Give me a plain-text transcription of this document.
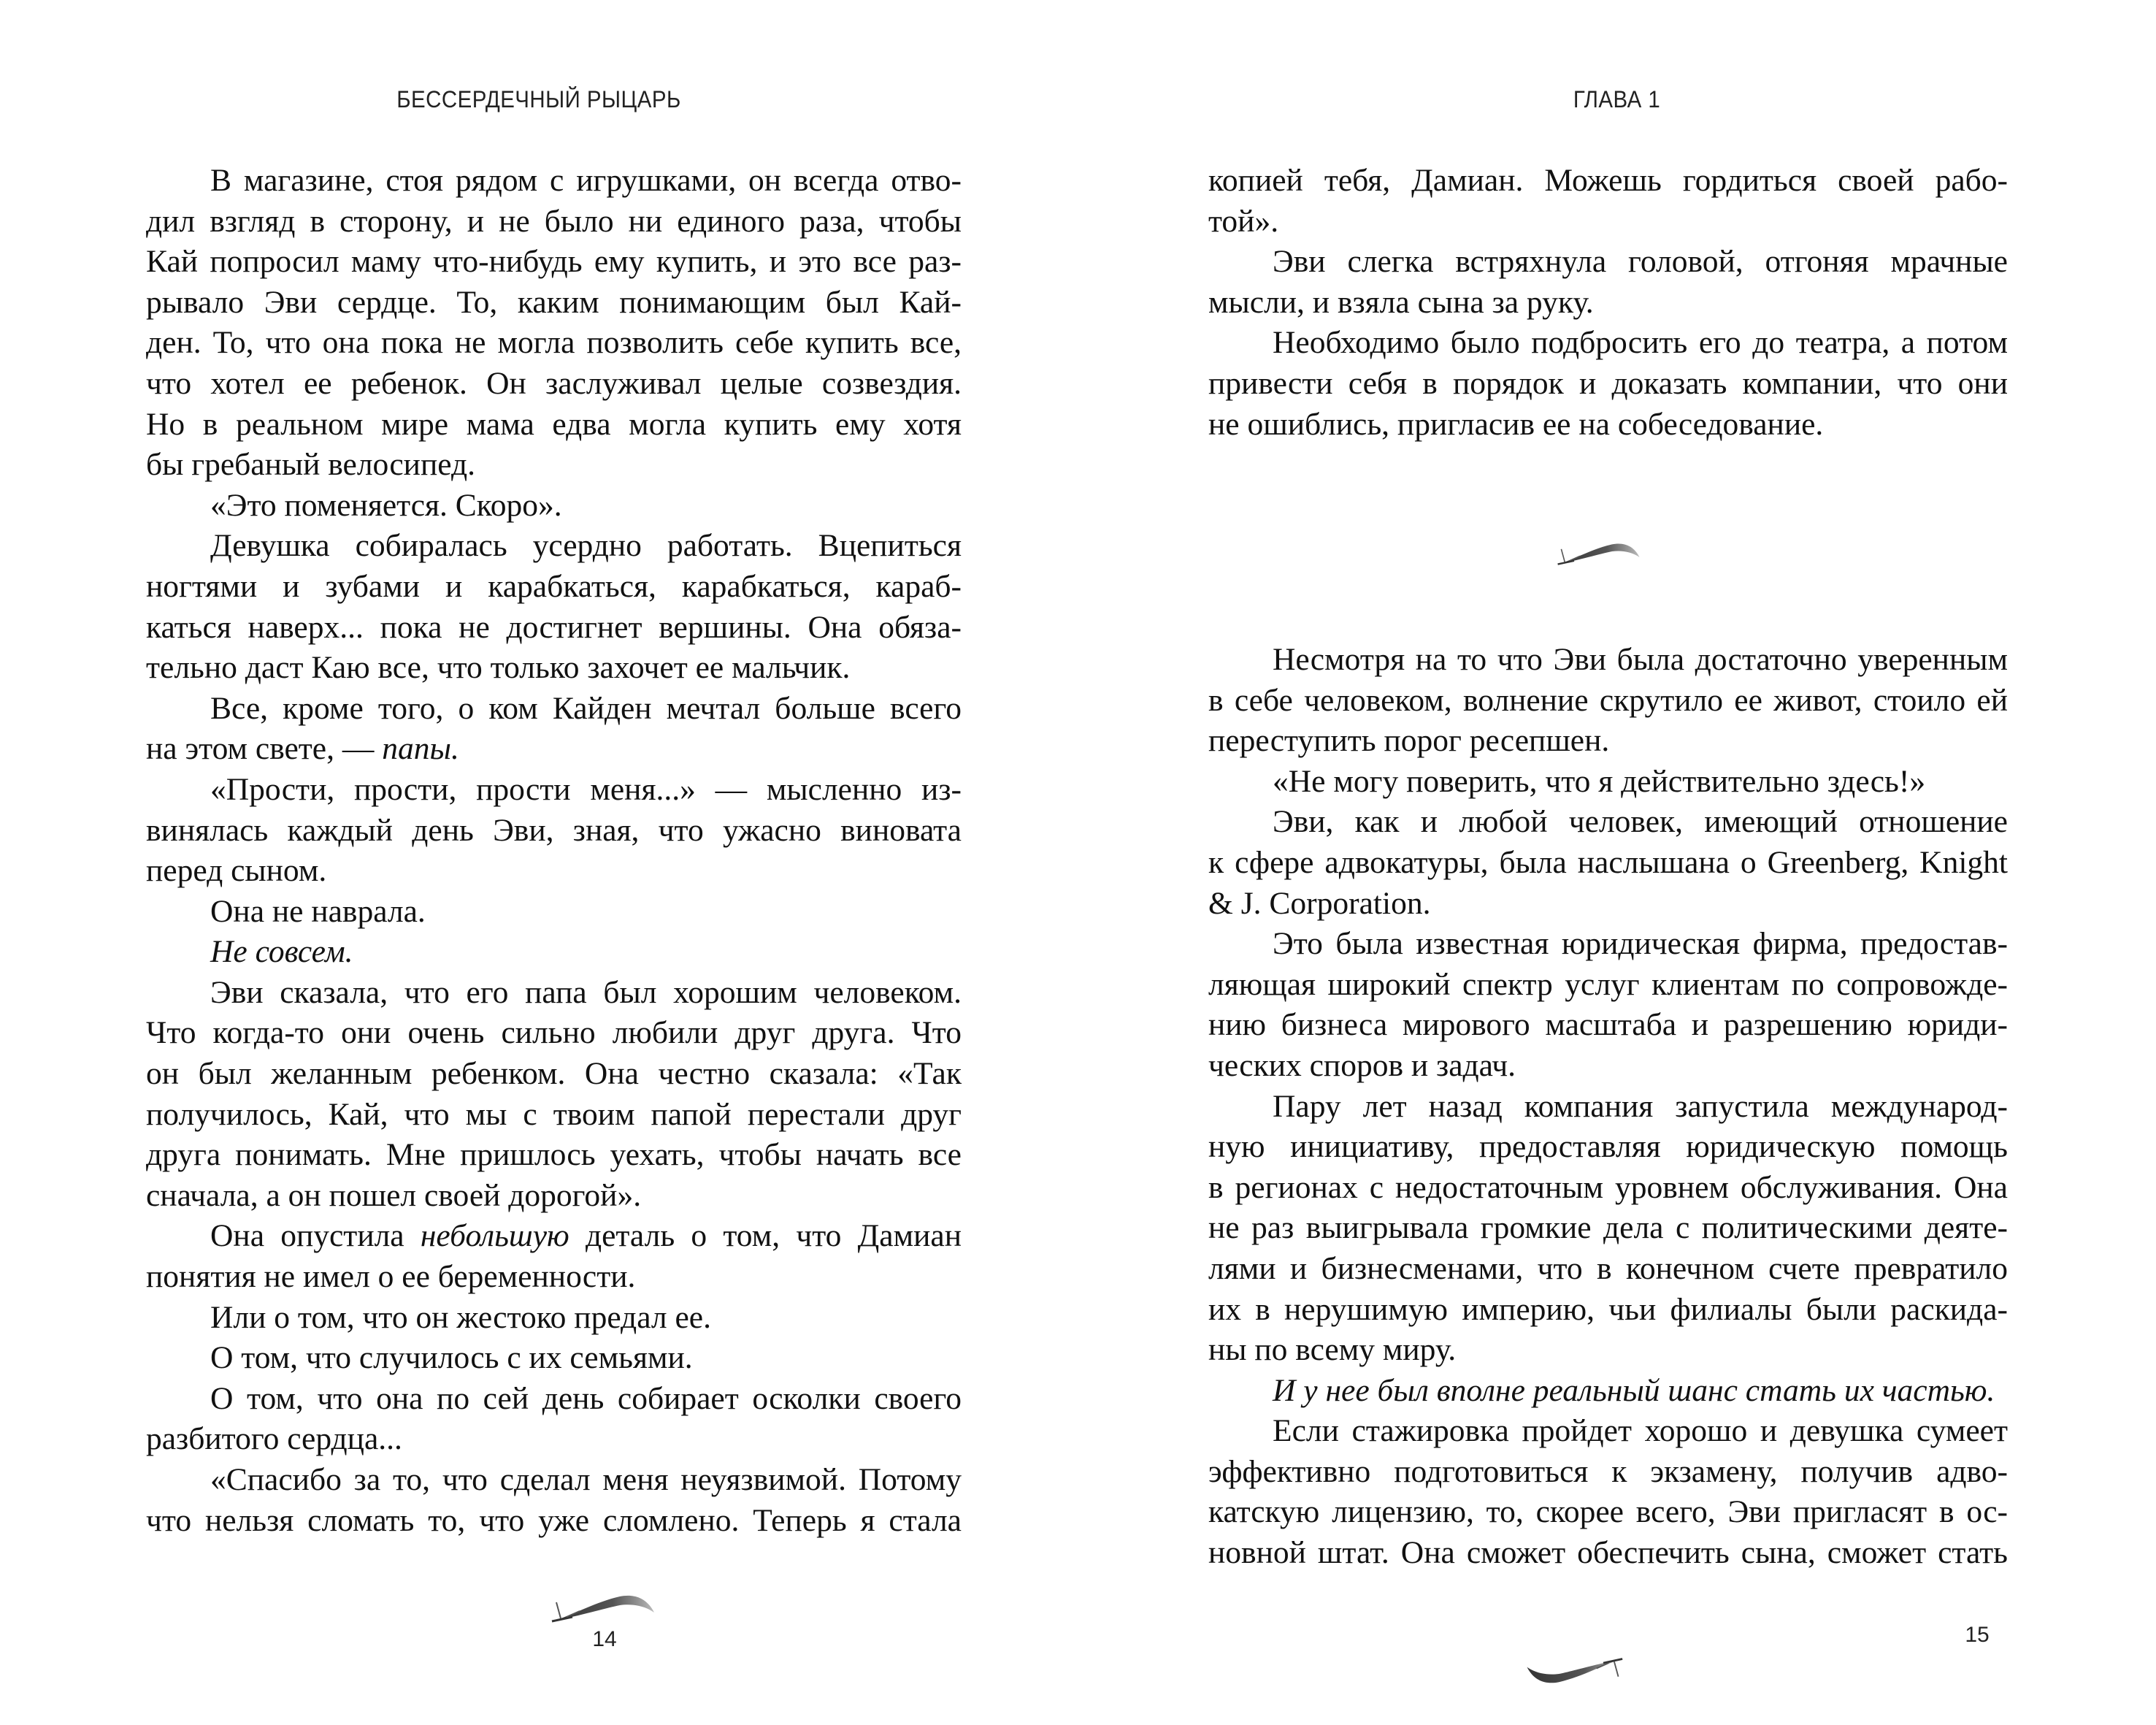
БЕССЕРДЕЧНЫЙ РЫЦАРЬ
В магазине, стоя рядом с игрушками, он всегда отво-
дил взгляд в сторону, и не было ни единого раза, чтобы
Кай попросил маму что-нибудь ему купить, и это все раз-
рывало Эви сердце. То, каким понимающим был Кай-
ден. То, что она пока не могла позволить себе купить все,
что хотел ее ребенок. Он заслуживал целые созвездия.
Но в реальном мире мама едва могла купить ему хотя
бы гребаный велосипед.
«Это поменяется. Скоро».
Девушка собиралась усердно работать. Вцепиться
ногтями и зубами и карабкаться, карабкаться, караб-
каться наверх... пока не достигнет вершины. Она обяза-
тельно даст Каю все, что только захочет ее мальчик.
Все, кроме того, о ком Кайден мечтал больше всего
на этом свете, — папы.
«Прости, прости, прости меня...» — мысленно из-
винялась каждый день Эви, зная, что ужасно виновата
перед сыном.
Она не наврала.
Не совсем.
Эви сказала, что его папа был хорошим человеком.
Что когда-то они очень сильно любили друг друга. Что
он был желанным ребенком. Она честно сказала: «Так
получилось, Кай, что мы с твоим папой перестали друг
друга понимать. Мне пришлось уехать, чтобы начать все
сначала, а он пошел своей дорогой».
Она опустила небольшую деталь о том, что Дамиан
понятия не имел о ее беременности.
Или о том, что он жестоко предал ее.
О том, что случилось с их семьями.
О том, что она по сей день собирает осколки своего
разбитого сердца...
«Спасибо за то, что сделал меня неуязвимой. Потому
что нельзя сломать то, что уже сломлено. Теперь я стала
14
ГЛАВА 1
копией тебя, Дамиан. Можешь гордиться своей рабо-
той».
Эви слегка встряхнула головой, отгоняя мрачные
мысли, и взяла сына за руку.
Необходимо было подбросить его до театра, а потом
привести себя в порядок и доказать компании, что они
не ошиблись, пригласив ее на собеседование.
Несмотря на то что Эви была достаточно уверенным
в себе человеком, волнение скрутило ее живот, стоило ей
переступить порог ресепшен.
«Не могу поверить, что я действительно здесь!»
Эви, как и любой человек, имеющий отношение
к сфере адвокатуры, была наслышана о Greenberg, Knight
& J. Corporation.
Это была известная юридическая фирма, предостав-
ляющая широкий спектр услуг клиентам по сопровожде-
нию бизнеса мирового масштаба и разрешению юриди-
ческих споров и задач.
Пару лет назад компания запустила международ-
ную инициативу, предоставляя юридическую помощь
в регионах с недостаточным уровнем обслуживания. Она
не раз выигрывала громкие дела с политическими деяте-
лями и бизнесменами, что в конечном счете превратило
их в нерушимую империю, чьи филиалы были раскида-
ны по всему миру.
И у нее был вполне реальный шанс стать их частью.
Если стажировка пройдет хорошо и девушка сумеет
эффективно подготовиться к экзамену, получив адво-
катскую лицензию, то, скорее всего, Эви пригласят в ос-
новной штат. Она сможет обеспечить сына, сможет стать
15
